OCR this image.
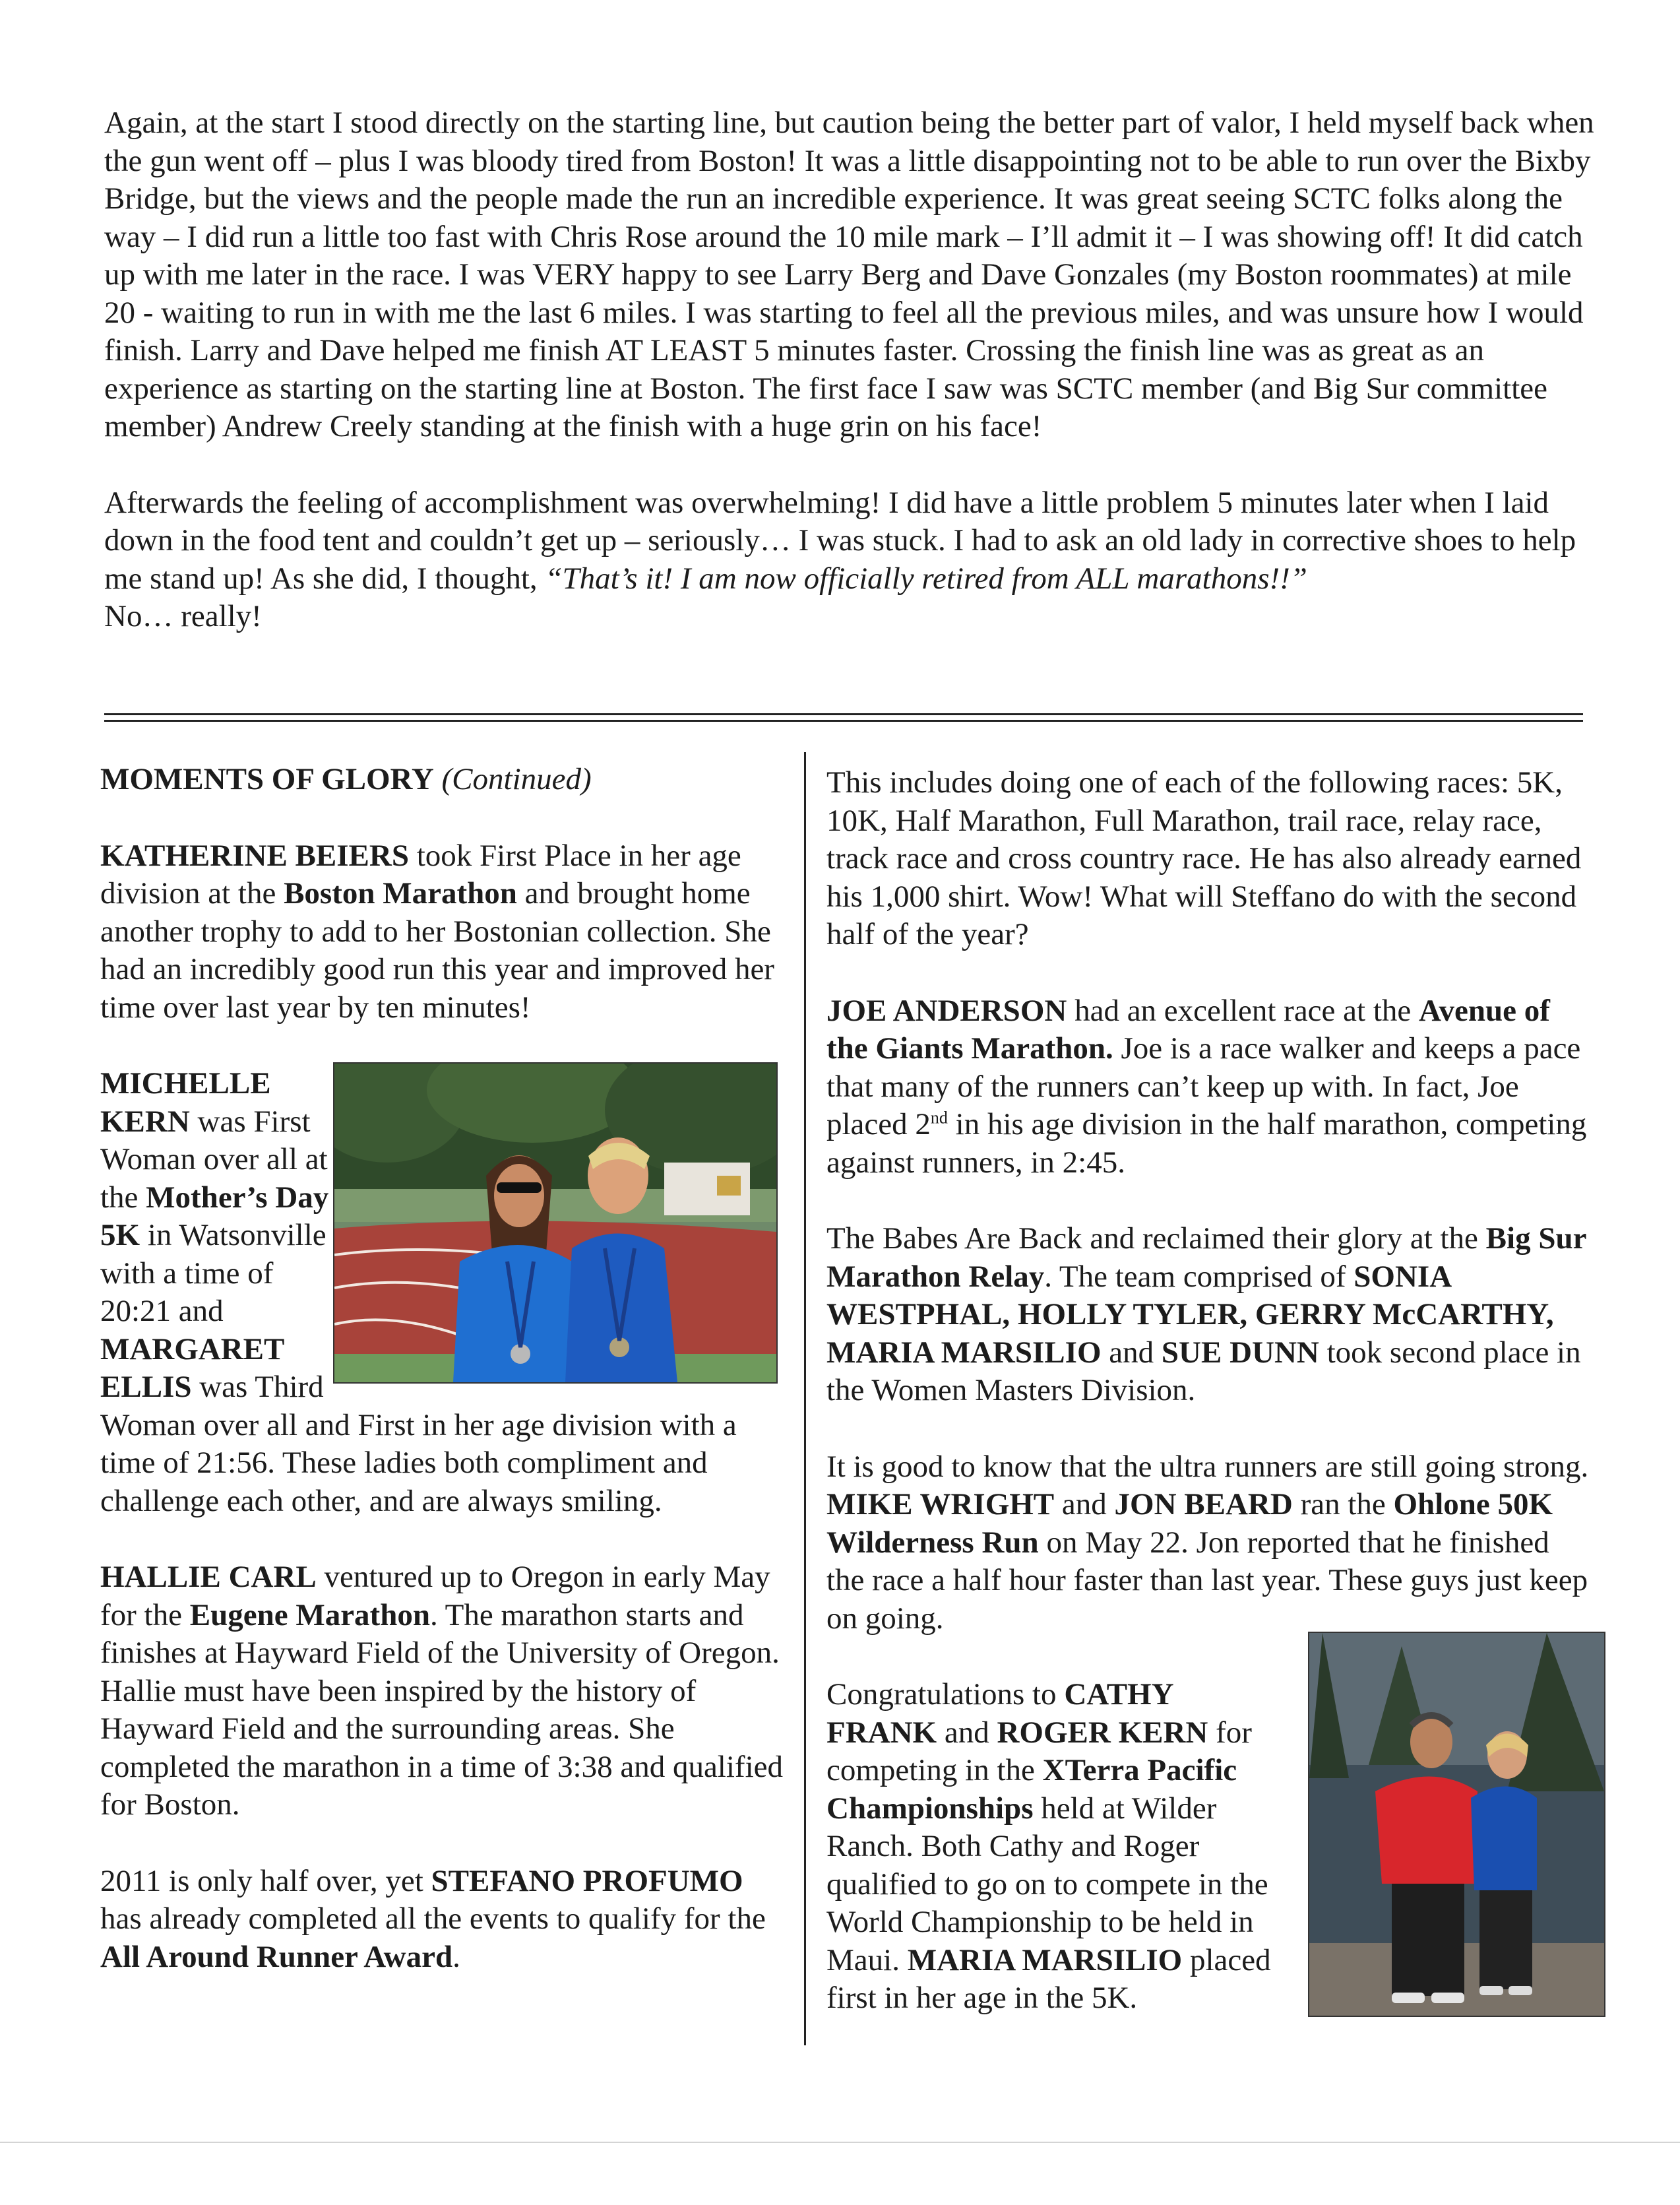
Again, at the start I stood directly on the starting line, but caution being the better part of valor, I held myself back when the gun went off – plus I was bloody tired from Boston! It was a little disappointing not to be able to run over the Bixby Bridge, but the views and the people made the run an incredible experience. It was great seeing SCTC folks along the way – I did run a little too fast with Chris Rose around the 10 mile mark – I’ll admit it – I was showing off! It did catch up with me later in the race. I was VERY happy to see Larry Berg and Dave Gonzales (my Boston roommates) at mile 20 - waiting to run in with me the last 6 miles. I was starting to feel all the previous miles, and was unsure how I would finish. Larry and Dave helped me finish AT LEAST 5 minutes faster. Crossing the finish line was as great as an experience as starting on the starting line at Boston. The first face I saw was SCTC member (and Big Sur committee member) Andrew Creely standing at the finish with a huge grin on his face!

Afterwards the feeling of accomplishment was overwhelming! I did have a little problem 5 minutes later when I laid down in the food tent and couldn’t get up – seriously… I was stuck. I had to ask an old lady in corrective shoes to help me stand up! As she did, I thought, “That’s it! I am now officially retired from ALL marathons!!”
No… really!

MOMENTS OF GLORY (Continued)

KATHERINE BEIERS took First Place in her age division at the Boston Marathon and brought home another trophy to add to her Bostonian collection. She had an incredibly good run this year and improved her time over last year by ten minutes!

MICHELLE KERN was First Woman over all at the Mother’s Day 5K in Watsonville with a time of 20:21 and MARGARET ELLIS was Third Woman over all and First in her age division with a time of 21:56. These ladies both compliment and challenge each other, and are always smiling.

HALLIE CARL ventured up to Oregon in early May for the Eugene Marathon. The marathon starts and finishes at Hayward Field of the University of Oregon. Hallie must have been inspired by the history of Hayward Field and the surrounding areas. She completed the marathon in a time of 3:38 and qualified for Boston.

2011 is only half over, yet STEFANO PROFUMO has already completed all the events to qualify for the All Around Runner Award.

This includes doing one of each of the following races: 5K, 10K, Half Marathon, Full Marathon, trail race, relay race, track race and cross country race. He has also already earned his 1,000 shirt. Wow! What will Steffano do with the second half of the year?

JOE ANDERSON had an excellent race at the Avenue of the Giants Marathon. Joe is a race walker and keeps a pace that many of the runners can’t keep up with. In fact, Joe placed 2nd in his age division in the half marathon, competing against runners, in 2:45.

The Babes Are Back and reclaimed their glory at the Big Sur Marathon Relay. The team comprised of SONIA WESTPHAL, HOLLY TYLER, GERRY McCARTHY, MARIA MARSILIO and SUE DUNN took second place in the Women Masters Division.

It is good to know that the ultra runners are still going strong. MIKE WRIGHT and JON BEARD ran the Ohlone 50K Wilderness Run on May 22. Jon reported that he finished the race a half hour faster than last year. These guys just keep on going.

Congratulations to CATHY FRANK and ROGER KERN for competing in the XTerra Pacific Championships held at Wilder Ranch. Both Cathy and Roger qualified to go on to compete in the World Championship to be held in Maui. MARIA MARSILIO placed first in her age in the 5K.
